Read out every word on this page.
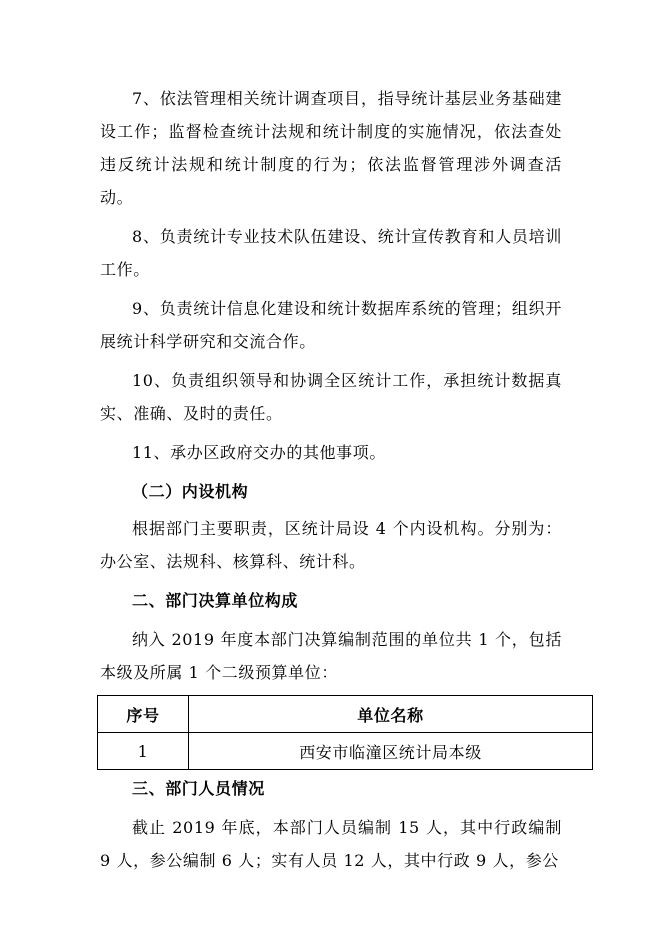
7、依法管理相关统计调查项目，指导统计基层业务基础建设工作；监督检查统计法规和统计制度的实施情况，依法查处违反统计法规和统计制度的行为；依法监督管理涉外调查活动。

8、负责统计专业技术队伍建设、统计宣传教育和人员培训工作。

9、负责统计信息化建设和统计数据库系统的管理；组织开展统计科学研究和交流合作。

10、负责组织领导和协调全区统计工作，承担统计数据真实、准确、及时的责任。

11、承办区政府交办的其他事项。

（二）内设机构

根据部门主要职责，区统计局设 4 个内设机构。分别为：办公室、法规科、核算科、统计科。

二、部门决算单位构成

纳入 2019 年度本部门决算编制范围的单位共 1 个，包括本级及所属 1 个二级预算单位：

序号	单位名称
1	西安市临潼区统计局本级

三、部门人员情况

截止 2019 年底，本部门人员编制 15 人，其中行政编制 9 人，参公编制 6 人；实有人员 12 人，其中行政 9 人，参公
